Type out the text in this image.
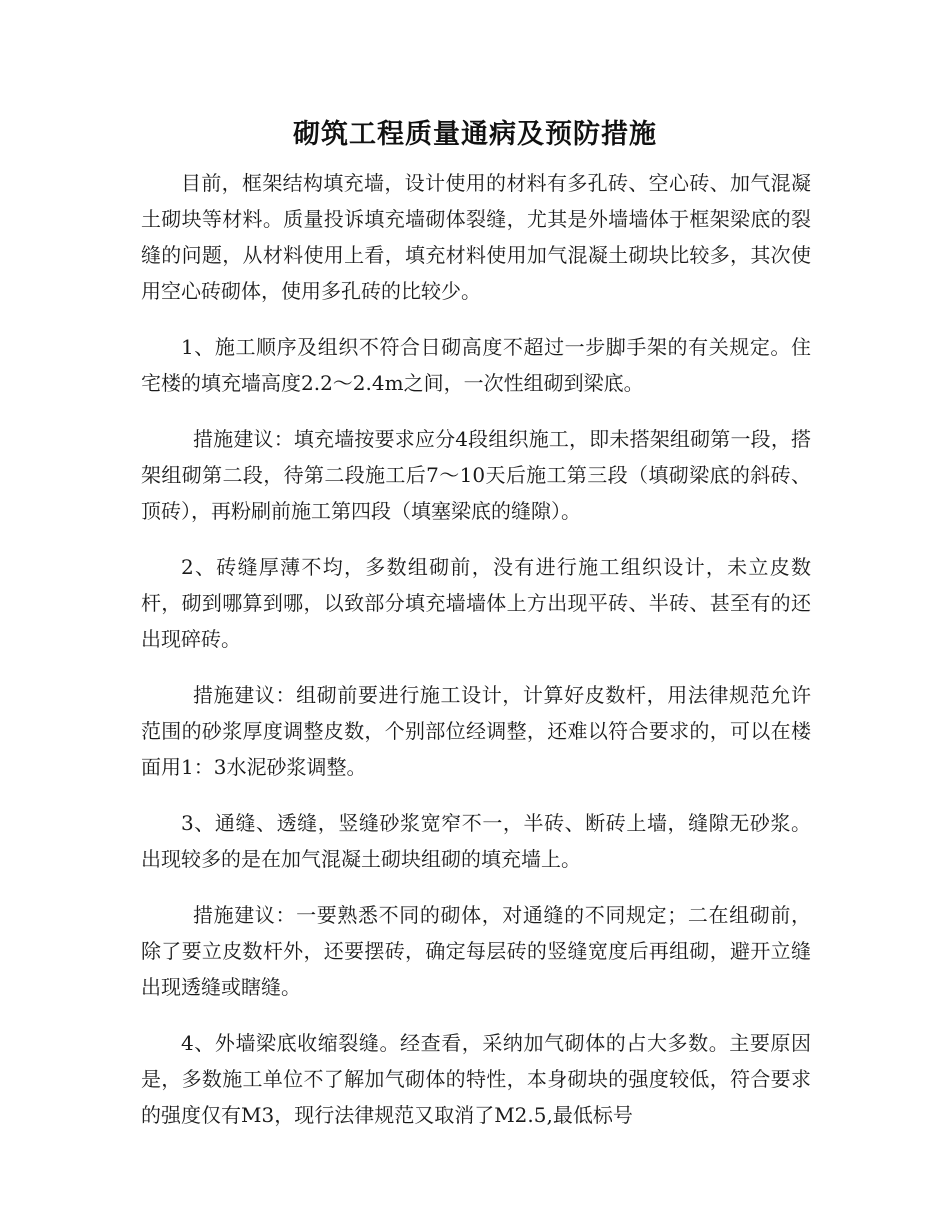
砌筑工程质量通病及预防措施

目前，框架结构填充墙，设计使用的材料有多孔砖、空心砖、加气混凝土砌块等材料。质量投诉填充墙砌体裂缝，尤其是外墙墙体于框架梁底的裂缝的问题，从材料使用上看，填充材料使用加气混凝土砌块比较多，其次使用空心砖砌体，使用多孔砖的比较少。

1、施工顺序及组织不符合日砌高度不超过一步脚手架的有关规定。住宅楼的填充墙高度2.2～2.4m之间，一次性组砌到梁底。

措施建议：填充墙按要求应分4段组织施工，即未搭架组砌第一段，搭架组砌第二段，待第二段施工后7～10天后施工第三段（填砌梁底的斜砖、顶砖），再粉刷前施工第四段（填塞梁底的缝隙）。

2、砖缝厚薄不均，多数组砌前，没有进行施工组织设计，未立皮数杆，砌到哪算到哪，以致部分填充墙墙体上方出现平砖、半砖、甚至有的还出现碎砖。

措施建议：组砌前要进行施工设计，计算好皮数杆，用法律规范允许范围的砂浆厚度调整皮数，个别部位经调整，还难以符合要求的，可以在楼面用1：3水泥砂浆调整。

3、通缝、透缝，竖缝砂浆宽窄不一，半砖、断砖上墙，缝隙无砂浆。出现较多的是在加气混凝土砌块组砌的填充墙上。

措施建议：一要熟悉不同的砌体，对通缝的不同规定；二在组砌前，除了要立皮数杆外，还要摆砖，确定每层砖的竖缝宽度后再组砌，避开立缝出现透缝或瞎缝。

4、外墙梁底收缩裂缝。经查看，采纳加气砌体的占大多数。主要原因是，多数施工单位不了解加气砌体的特性，本身砌块的强度较低，符合要求的强度仅有M3，现行法律规范又取消了M2.5,最低标号
